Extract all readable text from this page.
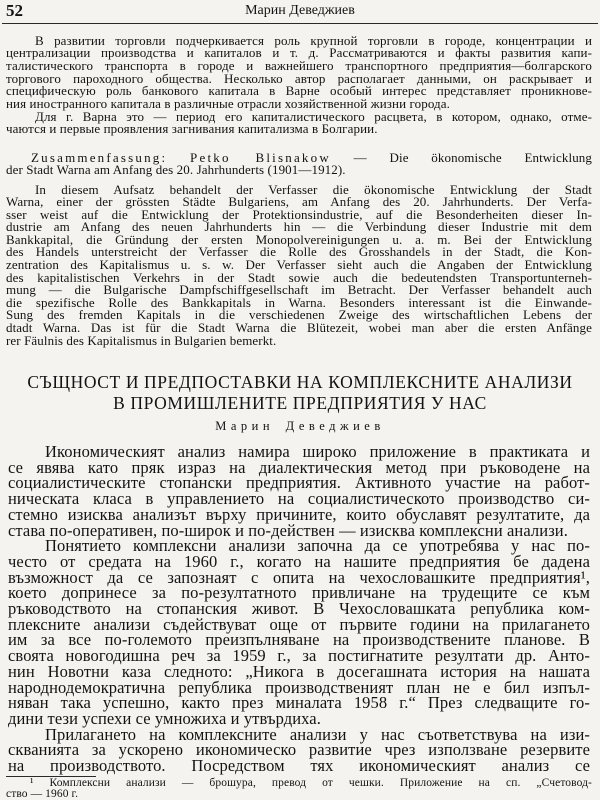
52	Марин Деведжиев
В развитии торговли подчеркивается роль крупной торговли в городе, концентрации и
централизации производства и капиталов и т. д. Рассматриваются и факты развития капи-
талистического транспорта в городе и важнейшего транспортного предприятия—болгарского
торгового пароходного общества. Несколько автор располагает данными, он раскрывает и
специфическую роль банкового капитала в Варне особый интерес представляет проникнове-
ния иностранного капитала в различные отрасли хозяйственной жизни города.
Для г. Варна это — период его капиталистического расцвета, в котором, однако, отме-
чаются и первые проявления загнивания капитализма в Болгарии.
Zusammenfassung: Petko Blisnakow — Die ökonomische Entwicklung
der Stadt Warna am Anfang des 20. Jahrhunderts (1901—1912).
In diesem Aufsatz behandelt der Verfasser die ökonomische Entwicklung der Stadt
Warna, einer der grössten Städte Bulgariens, am Anfang des 20. Jahrhunderts. Der Verfa-
sser weist auf die Entwicklung der Protektionsindustrie, auf die Besonderheiten dieser In-
dustrie am Anfang des neuen Jahrhunderts hin — die Verbindung dieser Industrie mit dem
Bankkapital, die Gründung der ersten Monopolvereinigungen u. a. m. Bei der Entwicklung
des Handels unterstreicht der Verfasser die Rolle des Grosshandels in der Stadt, die Kon-
zentration des Kapitalismus u. s. w. Der Verfasser sieht auch die Angaben der Entwicklung
des kapitalistischen Verkehrs in der Stadt sowie auch die bedeutendsten Transportunterneh-
mung — die Bulgarische Dampfschiffgesellschaft im Betracht. Der Verfasser behandelt auch
die spezifische Rolle des Bankkapitals in Warna. Besonders interessant ist die Einwande-
Sung des fremden Kapitals in die verschiedenen Zweige des wirtschaftlichen Lebens der
dtadt Warna. Das ist für die Stadt Warna die Blütezeit, wobei man aber die ersten Anfänge
rer Fäulnis des Kapitalismus in Bulgarien bemerkt.
СЪЩНОСТ И ПРЕДПОСТАВКИ НА КОМПЛЕКСНИТЕ АНАЛИЗИ
В ПРОМИШЛЕНИТЕ ПРЕДПРИЯТИЯ У НАС
Марин Деведжиев
Икономическият анализ намира широко приложение в практиката и
се явява като пряк израз на диалектическия метод при ръководене на
социалистическите стопански предприятия. Активното участие на работ-
ническата класа в управлението на социалистическото производство си-
стемно изисква анализът върху причините, които обуславят резултатите, да
става по-оперативен, по-широк и по-действен — изисква комплексни анализи.
Понятието комплексни анализи започна да се употребява у нас по-
често от средата на 1960 г., когато на нашите предприятия бе дадена
възможност да се запознаят с опита на чехословашките предприятия¹,
което допринесе за по-резултатното привличане на трудещите се към
ръководството на стопанския живот. В Чехословашката република ком-
плексните анализи съдействуват още от първите години на прилагането
им за все по-големото преизпълняване на производствените планове. В
своята новогодишна реч за 1959 г., за постигнатите резултати др. Анто-
нин Новотни каза следното: „Никога в досегашната история на нашата
народнодемократична република производственият план не е бил изпъл-
няван така успешно, както през миналата 1958 г.“ През следващите го-
дини тези успехи се умножиха и утвърдиха.
Прилагането на комплексните анализи у нас съответствува на изи-
скванията за ускорено икономическо развитие чрез използване резервите
на производството. Посредством тях икономическият анализ се
¹ Комплексни анализи — брошура, превод от чешки. Приложение на сп. „Счетовод-
ство — 1960 г.
